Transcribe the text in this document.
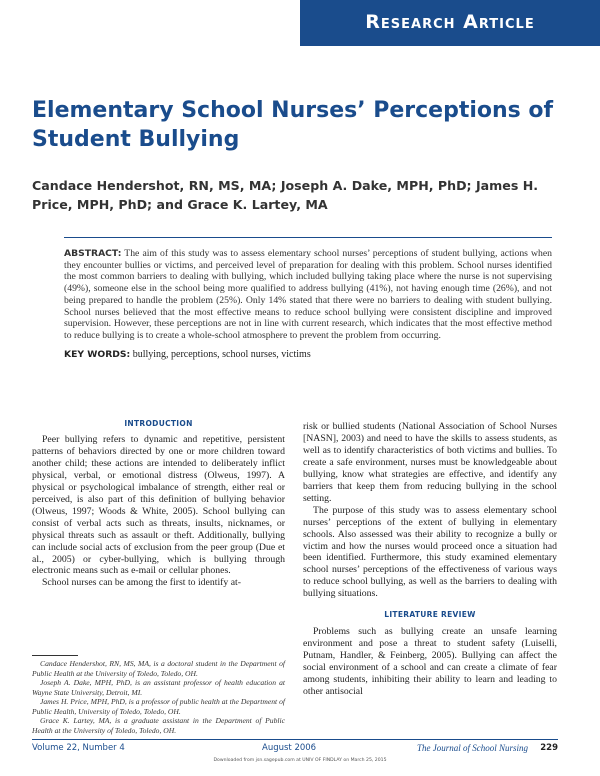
Research Article
Elementary School Nurses’ Perceptions of Student Bullying
Candace Hendershot, RN, MS, MA; Joseph A. Dake, MPH, PhD; James H. Price, MPH, PhD; and Grace K. Lartey, MA

ABSTRACT: The aim of this study was to assess elementary school nurses’ perceptions of student bullying, actions when they encounter bullies or victims, and perceived level of preparation for dealing with this problem. School nurses identified the most common barriers to dealing with bullying, which included bullying taking place where the nurse is not supervising (49%), someone else in the school being more qualified to address bullying (41%), not having enough time (26%), and not being prepared to handle the problem (25%). Only 14% stated that there were no barriers to dealing with student bullying. School nurses believed that the most effective means to reduce school bullying were consistent discipline and improved supervision. However, these perceptions are not in line with current research, which indicates that the most effective method to reduce bullying is to create a whole-school atmosphere to prevent the problem from occurring.

KEY WORDS: bullying, perceptions, school nurses, victims

INTRODUCTION

Peer bullying refers to dynamic and repetitive, persistent patterns of behaviors directed by one or more children toward another child; these actions are intended to deliberately inflict physical, verbal, or emotional distress (Olweus, 1997). A physical or psychological imbalance of strength, either real or perceived, is also part of this definition of bullying behavior (Olweus, 1997; Woods & White, 2005). School bullying can consist of verbal acts such as threats, insults, nicknames, or physical threats such as assault or theft. Additionally, bullying can include social acts of exclusion from the peer group (Due et al., 2005) or cyber-bullying, which is bullying through electronic means such as e-mail or cellular phones.

School nurses can be among the first to identify at-

risk or bullied students (National Association of School Nurses [NASN], 2003) and need to have the skills to assess students, as well as to identify characteristics of both victims and bullies. To create a safe environment, nurses must be knowledgeable about bullying, know what strategies are effective, and identify any barriers that keep them from reducing bullying in the school setting.

The purpose of this study was to assess elementary school nurses’ perceptions of the extent of bullying in elementary schools. Also assessed was their ability to recognize a bully or victim and how the nurses would proceed once a situation had been identified. Furthermore, this study examined elementary school nurses’ perceptions of the effectiveness of various ways to reduce school bullying, as well as the barriers to dealing with bullying situations.

LITERATURE REVIEW

Problems such as bullying create an unsafe learning environment and pose a threat to student safety (Luiselli, Putnam, Handler, & Feinberg, 2005). Bullying can affect the social environment of a school and can create a climate of fear among students, inhibiting their ability to learn and leading to other antisocial

Candace Hendershot, RN, MS, MA, is a doctoral student in the Department of Public Health at the University of Toledo, Toledo, OH.

Joseph A. Dake, MPH, PhD, is an assistant professor of health education at Wayne State University, Detroit, MI.

James H. Price, MPH, PhD, is a professor of public health at the Department of Public Health, University of Toledo, Toledo, OH.

Grace K. Lartey, MA, is a graduate assistant in the Department of Public Health at the University of Toledo, Toledo, OH.

Volume 22, Number 4	August 2006	The Journal of School Nursing 229
Downloaded from jsn.sagepub.com at UNIV OF FINDLAY on March 25, 2015
